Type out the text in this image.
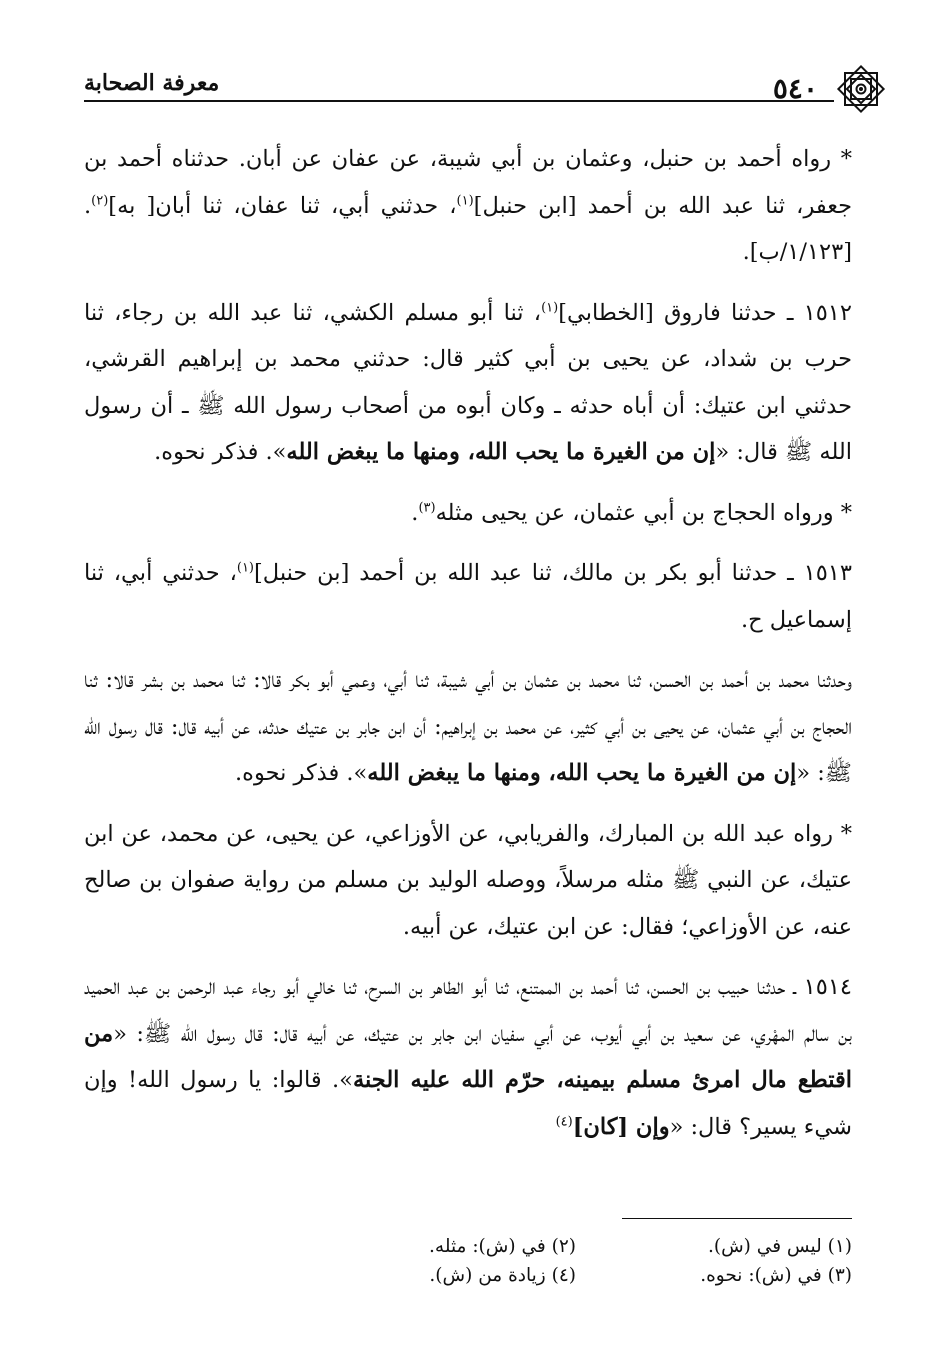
٥٤٠
معرفة الصحابة

* رواه أحمد بن حنبل، وعثمان بن أبي شيبة، عن عفان عن أبان. حدثناه أحمد بن جعفر، ثنا عبد الله بن أحمد [ابن حنبل]$^{(١)}$، حدثني أبي، ثنا عفان، ثنا أبان[ به]$^{(٢)}$. [١/١٢٣/ب].

١٥١٢ ـ حدثنا فاروق [الخطابي]$^{(١)}$، ثنا أبو مسلم الكشي، ثنا عبد الله بن رجاء، ثنا حرب بن شداد، عن يحيى بن أبي كثير قال: حدثني محمد بن إبراهيم القرشي، حدثني ابن عتيك: أن أباه حدثه ـ وكان أبوه من أصحاب رسول الله ﷺ ـ أن رسول الله ﷺ قال: «إن من الغيرة ما يحب الله، ومنها ما يبغض الله». فذكر نحوه.

* ورواه الحجاج بن أبي عثمان، عن يحيى مثله$^{(٣)}$.

١٥١٣ ـ حدثنا أبو بكر بن مالك، ثنا عبد الله بن أحمد [بن حنبل]$^{(١)}$، حدثني أبي، ثنا إسماعيل ح.

وحدثنا محمد بن أحمد بن الحسن، ثنا محمد بن عثمان بن أبي شيبة، ثنا أبي، وعمي أبو بكر قالا: ثنا محمد بن بشر قالا: ثنا الحجاج بن أبي عثمان، عن يحيى بن أبي كثير، عن محمد بن إبراهيم: أن ابن جابر بن عتيك حدثه، عن أبيه قال: قال رسول الله ﷺ: «إن من الغيرة ما يحب الله، ومنها ما يبغض الله». فذكر نحوه.

* رواه عبد الله بن المبارك، والفريابي، عن الأوزاعي، عن يحيى، عن محمد، عن ابن عتيك، عن النبي ﷺ مثله مرسلاً، ووصله الوليد بن مسلم من رواية صفوان بن صالح عنه، عن الأوزاعي؛ فقال: عن ابن عتيك، عن أبيه.

١٥١٤ ـ حدثنا حبيب بن الحسن، ثنا أحمد بن الممتنع، ثنا أبو الطاهر بن السرح، ثنا خالي أبو رجاء عبد الرحمن بن عبد الحميد بن سالم المهْري، عن سعيد بن أبي أيوب، عن أبي سفيان ابن جابر بن عتيك، عن أبيه قال: قال رسول الله ﷺ: «من اقتطع مال امرئ مسلم بيمينه، حرّم الله عليه الجنة». قالوا: يا رسول الله! وإن شيء يسير؟ قال: «وإن [كان]$^{(٤)}$

(١) ليس في (ش).
(٢) في (ش): مثله.
(٣) في (ش): نحوه.
(٤) زيادة من (ش).
